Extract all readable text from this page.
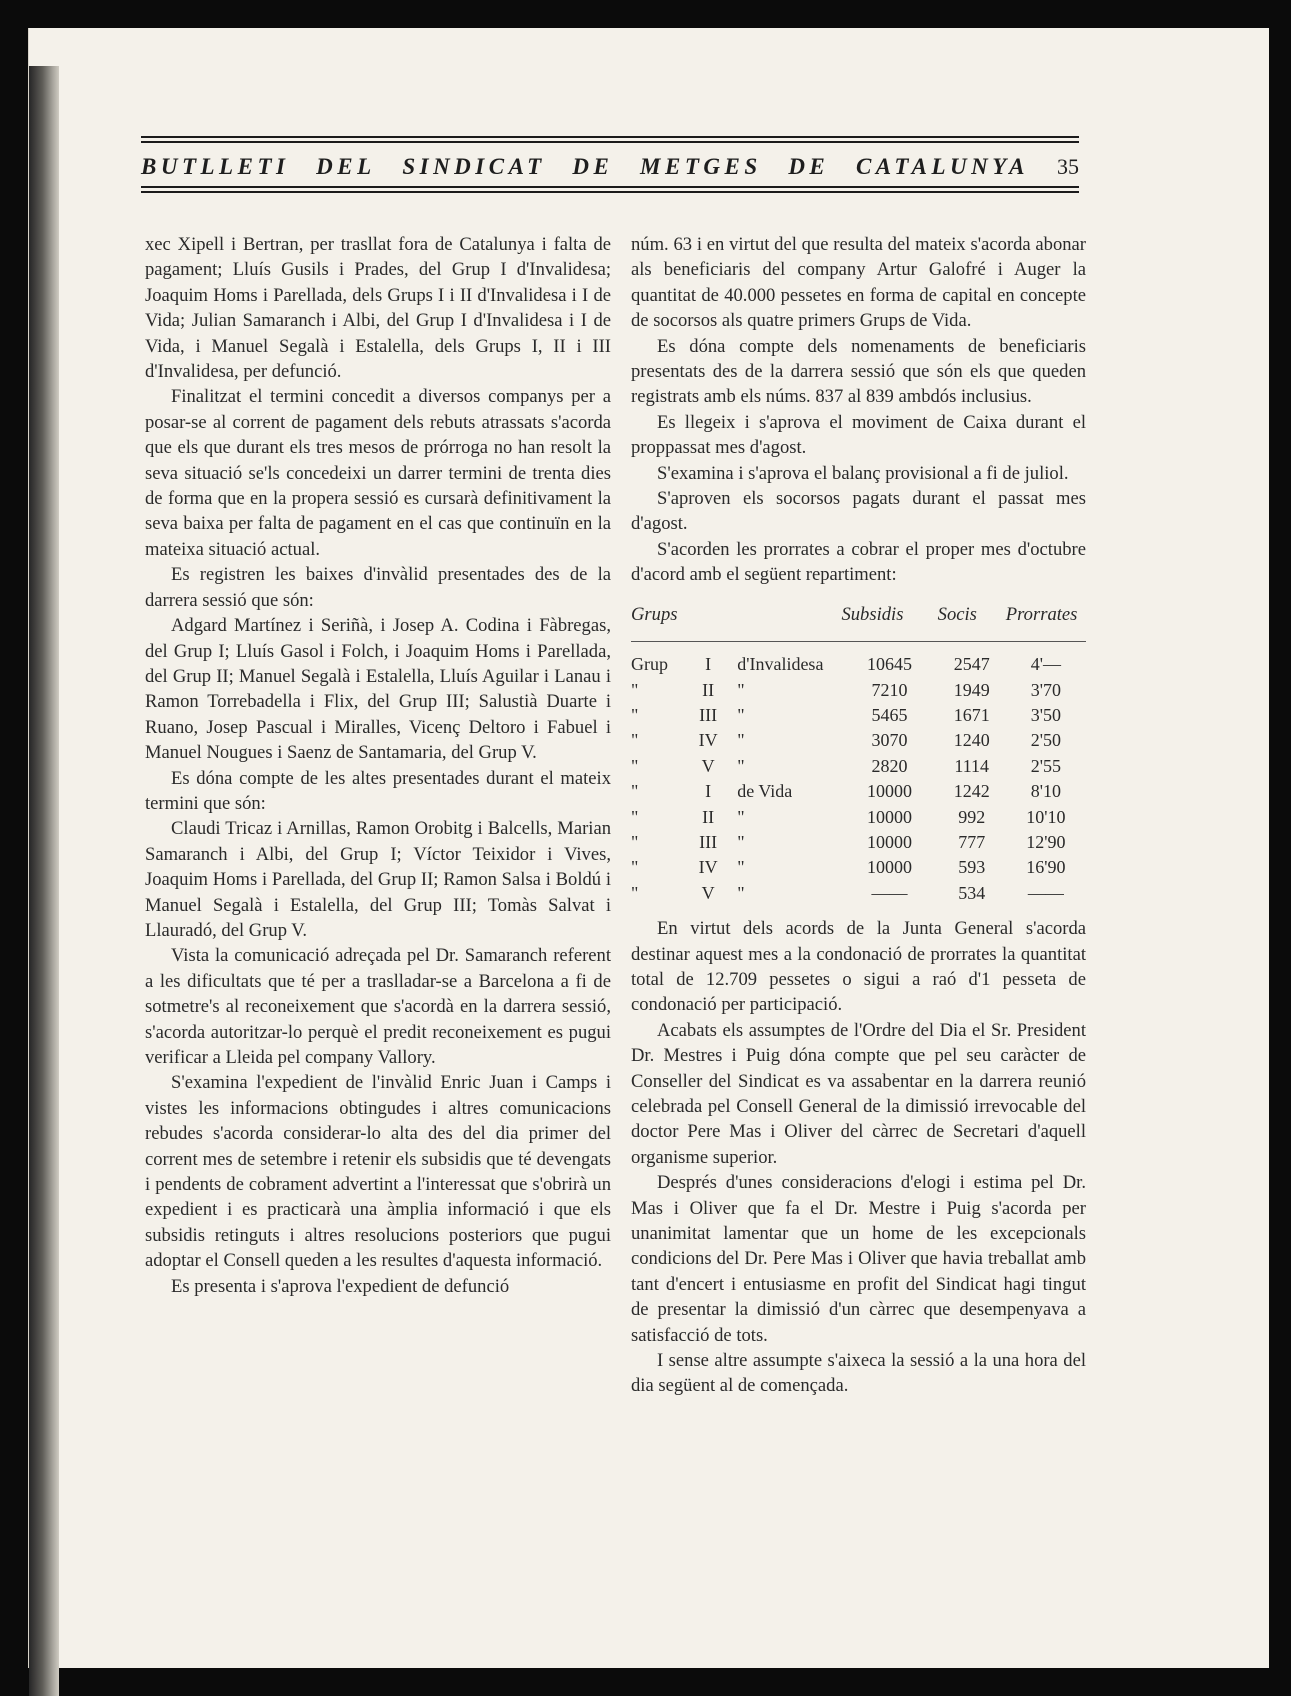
BUTLLETI DEL SINDICAT DE METGES DE CATALUNYA 35

xec Xipell i Bertran, per trasllat fora de Catalunya i falta de pagament; Lluís Gusils i Prades, del Grup I d'Invalidesa; Joaquim Homs i Parellada, dels Grups I i II d'Invalidesa i I de Vida; Julian Samaranch i Albi, del Grup I d'Invalidesa i I de Vida, i Manuel Segalà i Estalella, dels Grups I, II i III d'Invalidesa, per defunció.

Finalitzat el termini concedit a diversos companys per a posar-se al corrent de pagament dels rebuts atrassats s'acorda que els que durant els tres mesos de prórroga no han resolt la seva situació se'ls concedeixi un darrer termini de trenta dies de forma que en la propera sessió es cursarà definitivament la seva baixa per falta de pagament en el cas que continuïn en la mateixa situació actual.

Es registren les baixes d'invàlid presentades des de la darrera sessió que són:

Adgard Martínez i Seriñà, i Josep A. Codina i Fàbregas, del Grup I; Lluís Gasol i Folch, i Joaquim Homs i Parellada, del Grup II; Manuel Segalà i Estalella, Lluís Aguilar i Lanau i Ramon Torrebadella i Flix, del Grup III; Salustià Duarte i Ruano, Josep Pascual i Miralles, Vicenç Deltoro i Fabuel i Manuel Nougues i Saenz de Santamaria, del Grup V.

Es dóna compte de les altes presentades durant el mateix termini que són:

Claudi Tricaz i Arnillas, Ramon Orobitg i Balcells, Marian Samaranch i Albi, del Grup I; Víctor Teixidor i Vives, Joaquim Homs i Parellada, del Grup II; Ramon Salsa i Boldú i Manuel Segalà i Estalella, del Grup III; Tomàs Salvat i Llauradó, del Grup V.

Vista la comunicació adreçada pel Dr. Samaranch referent a les dificultats que té per a traslladar-se a Barcelona a fi de sotmetre's al reconeixement que s'acordà en la darrera sessió, s'acorda autoritzar-lo perquè el predit reconeixement es pugui verificar a Lleida pel company Vallory.

S'examina l'expedient de l'invàlid Enric Juan i Camps i vistes les informacions obtingudes i altres comunicacions rebudes s'acorda considerar-lo alta des del dia primer del corrent mes de setembre i retenir els subsidis que té devengats i pendents de cobrament advertint a l'interessat que s'obrirà un expedient i es practicarà una àmplia informació i que els subsidis retinguts i altres resolucions posteriors que pugui adoptar el Consell queden a les resultes d'aquesta informació.

Es presenta i s'aprova l'expedient de defunció

núm. 63 i en virtut del que resulta del mateix s'acorda abonar als beneficiaris del company Artur Galofré i Auger la quantitat de 40.000 pessetes en forma de capital en concepte de socorsos als quatre primers Grups de Vida.

Es dóna compte dels nomenaments de beneficiaris presentats des de la darrera sessió que són els que queden registrats amb els núms. 837 al 839 ambdós inclusius.

Es llegeix i s'aprova el moviment de Caixa durant el proppassat mes d'agost.

S'examina i s'aprova el balanç provisional a fi de juliol.

S'aproven els socorsos pagats durant el passat mes d'agost.

S'acorden les prorrates a cobrar el proper mes d'octubre d'acord amb el següent repartiment:

Grups			Subsidis	Socis	Prorrates
Grup	I	d'Invalidesa	10645	2547	4'—
"	II	"	7210	1949	3'70
"	III	"	5465	1671	3'50
"	IV	"	3070	1240	2'50
"	V	"	2820	1114	2'55
"	I	de Vida	10000	1242	8'10
"	II	"	10000	992	10'10
"	III	"	10000	777	12'90
"	IV	"	10000	593	16'90
"	V	"	——	534	——

En virtut dels acords de la Junta General s'acorda destinar aquest mes a la condonació de prorrates la quantitat total de 12.709 pessetes o sigui a raó d'1 pesseta de condonació per participació.

Acabats els assumptes de l'Ordre del Dia el Sr. President Dr. Mestres i Puig dóna compte que pel seu caràcter de Conseller del Sindicat es va assabentar en la darrera reunió celebrada pel Consell General de la dimissió irrevocable del doctor Pere Mas i Oliver del càrrec de Secretari d'aquell organisme superior.

Després d'unes consideracions d'elogi i estima pel Dr. Mas i Oliver que fa el Dr. Mestre i Puig s'acorda per unanimitat lamentar que un home de les excepcionals condicions del Dr. Pere Mas i Oliver que havia treballat amb tant d'encert i entusiasme en profit del Sindicat hagi tingut de presentar la dimissió d'un càrrec que desempenyava a satisfacció de tots.

I sense altre assumpte s'aixeca la sessió a la una hora del dia següent al de començada.
